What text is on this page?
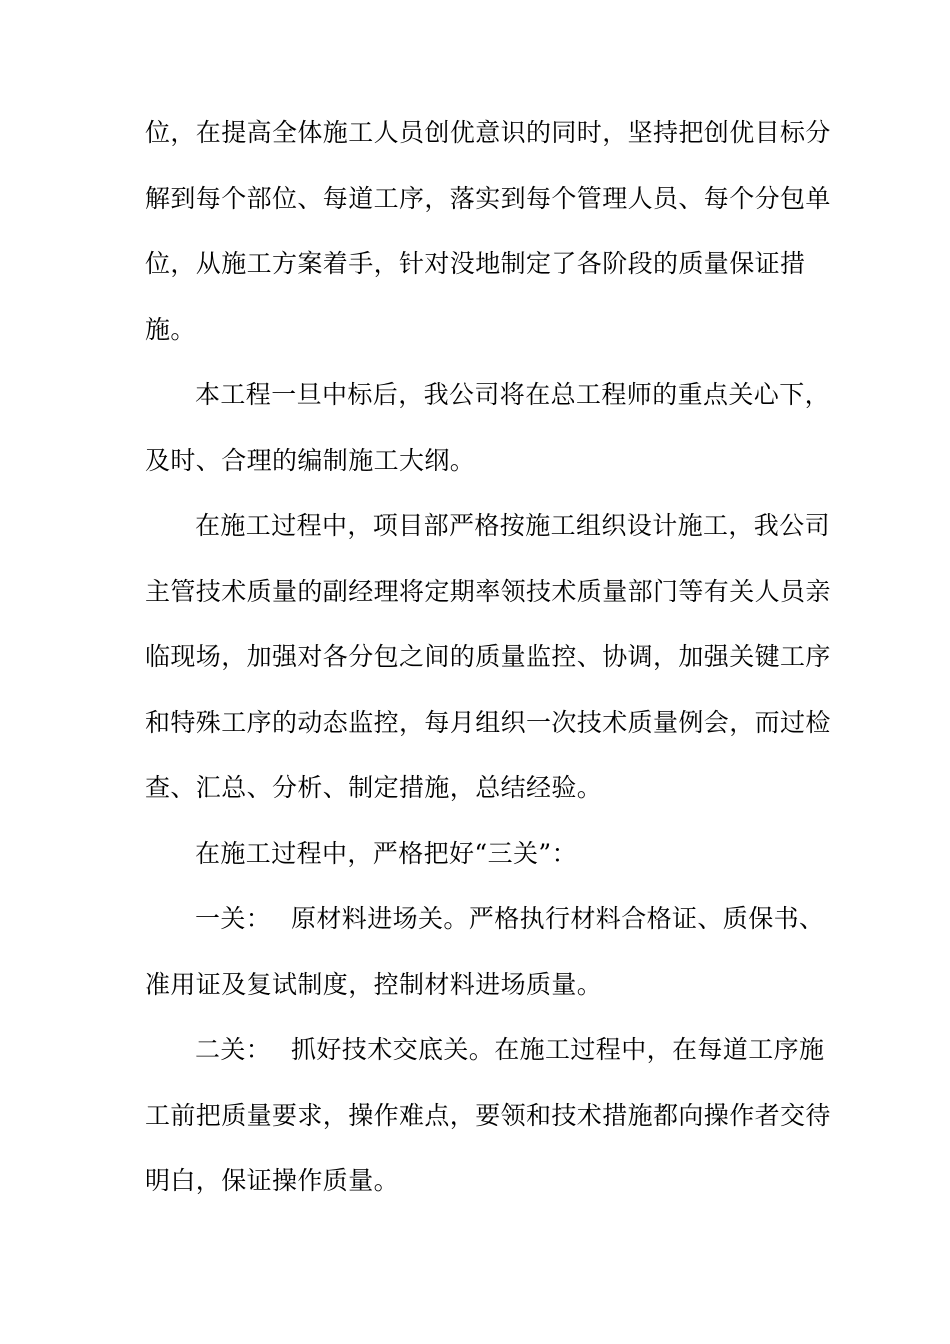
位，在提高全体施工人员创优意识的同时，坚持把创优目标分解到每个部位、每道工序，落实到每个管理人员、每个分包单位，从施工方案着手，针对没地制定了各阶段的质量保证措施。

本工程一旦中标后，我公司将在总工程师的重点关心下，及时、合理的编制施工大纲。

在施工过程中，项目部严格按施工组织设计施工，我公司主管技术质量的副经理将定期率领技术质量部门等有关人员亲临现场，加强对各分包之间的质量监控、协调，加强关键工序和特殊工序的动态监控，每月组织一次技术质量例会，而过检查、汇总、分析、制定措施，总结经验。

在施工过程中，严格把好“三关”：

一关： 原材料进场关。严格执行材料合格证、质保书、准用证及复试制度，控制材料进场质量。

二关： 抓好技术交底关。在施工过程中，在每道工序施工前把质量要求，操作难点，要领和技术措施都向操作者交待明白，保证操作质量。
